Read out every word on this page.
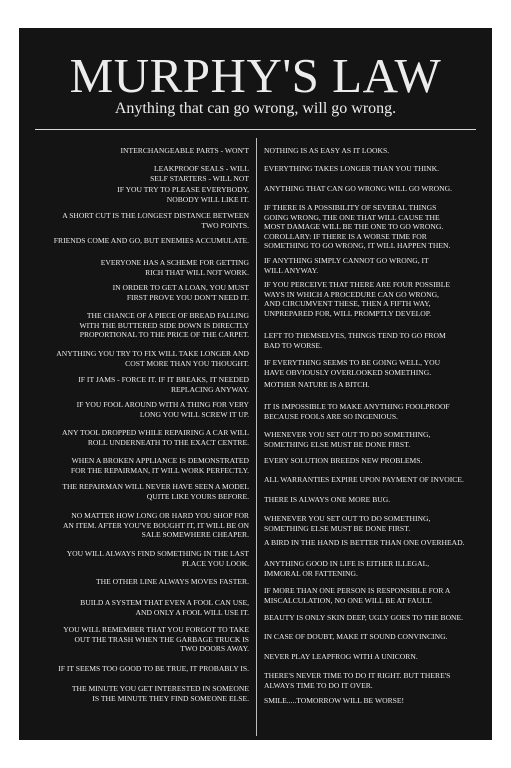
MURPHY'S LAW
Anything that can go wrong, will go wrong.
INTERCHANGEABLE PARTS - WON'T
LEAKPROOF SEALS - WILL
SELF STARTERS - WILL NOT
IF YOU TRY TO PLEASE EVERYBODY,
NOBODY WILL LIKE IT.
A SHORT CUT IS THE LONGEST DISTANCE BETWEEN
TWO POINTS.
FRIENDS COME AND GO, BUT ENEMIES ACCUMULATE.
EVERYONE HAS A SCHEME FOR GETTING
RICH THAT WILL NOT WORK.
IN ORDER TO GET A LOAN, YOU MUST
FIRST PROVE YOU DON'T NEED IT.
THE CHANCE OF A PIECE OF BREAD FALLING
WITH THE BUTTERED SIDE DOWN IS DIRECTLY
PROPORTIONAL TO THE PRICE OF THE CARPET.
ANYTHING YOU TRY TO FIX WILL TAKE LONGER AND
COST MORE THAN YOU THOUGHT.
IF IT JAMS - FORCE IT. IF IT BREAKS, IT NEEDED
REPLACING ANYWAY.
IF YOU FOOL AROUND WITH A THING FOR VERY
LONG YOU WILL SCREW IT UP.
ANY TOOL DROPPED WHILE REPAIRING A CAR WILL
ROLL UNDERNEATH TO THE EXACT CENTRE.
WHEN A BROKEN APPLIANCE IS DEMONSTRATED
FOR THE REPAIRMAN, IT WILL WORK PERFECTLY.
THE REPAIRMAN WILL NEVER HAVE SEEN A MODEL
QUITE LIKE YOURS BEFORE.
NO MATTER HOW LONG OR HARD YOU SHOP FOR
AN ITEM. AFTER YOU'VE BOUGHT IT, IT WILL BE ON
SALE SOMEWHERE CHEAPER.
YOU WILL ALWAYS FIND SOMETHING IN THE LAST
PLACE YOU LOOK.
THE OTHER LINE ALWAYS MOVES FASTER.
BUILD A SYSTEM THAT EVEN A FOOL CAN USE,
AND ONLY A FOOL WILL USE IT.
YOU WILL REMEMBER THAT YOU FORGOT TO TAKE
OUT THE TRASH WHEN THE GARBAGE TRUCK IS
TWO DOORS AWAY.
IF IT SEEMS TOO GOOD TO BE TRUE, IT PROBABLY IS.
THE MINUTE YOU GET INTERESTED IN SOMEONE
IS THE MINUTE THEY FIND SOMEONE ELSE.
NOTHING IS AS EASY AS IT LOOKS.
EVERYTHING TAKES LONGER THAN YOU THINK.
ANYTHING THAT CAN GO WRONG WILL GO WRONG.
IF THERE IS A POSSIBILITY OF SEVERAL THINGS
GOING WRONG, THE ONE THAT WILL CAUSE THE
MOST DAMAGE WILL BE THE ONE TO GO WRONG.
COROLLARY: IF THERE IS A WORSE TIME FOR
SOMETHING TO GO WRONG, IT WILL HAPPEN THEN.
IF ANYTHING SIMPLY CANNOT GO WRONG, IT
WILL ANYWAY.
IF YOU PERCEIVE THAT THERE ARE FOUR POSSIBLE
WAYS IN WHICH A PROCEDURE CAN GO WRONG,
AND CIRCUMVENT THESE, THEN A FIFTH WAY,
UNPREPARED FOR, WILL PROMPTLY DEVELOP.
LEFT TO THEMSELVES, THINGS TEND TO GO FROM
BAD TO WORSE.
IF EVERYTHING SEEMS TO BE GOING WELL, YOU
HAVE OBVIOUSLY OVERLOOKED SOMETHING.
MOTHER NATURE IS A BITCH.
IT IS IMPOSSIBLE TO MAKE ANYTHING FOOLPROOF
BECAUSE FOOLS ARE SO INGENIOUS.
WHENEVER YOU SET OUT TO DO SOMETHING,
SOMETHING ELSE MUST BE DONE FIRST.
EVERY SOLUTION BREEDS NEW PROBLEMS.
ALL WARRANTIES EXPIRE UPON PAYMENT OF INVOICE.
THERE IS ALWAYS ONE MORE BUG.
WHENEVER YOU SET OUT TO DO SOMETHING,
SOMETHING ELSE MUST BE DONE FIRST.
A BIRD IN THE HAND IS BETTER THAN ONE OVERHEAD.
ANYTHING GOOD IN LIFE IS EITHER ILLEGAL,
IMMORAL OR FATTENING.
IF MORE THAN ONE PERSON IS RESPONSIBLE FOR A
MISCALCULATION, NO ONE WILL BE AT FAULT.
BEAUTY IS ONLY SKIN DEEP, UGLY GOES TO THE BONE.
IN CASE OF DOUBT, MAKE IT SOUND CONVINCING.
NEVER PLAY LEAPFROG WITH A UNICORN.
THERE'S NEVER TIME TO DO IT RIGHT. BUT THERE'S
ALWAYS TIME TO DO IT OVER.
SMILE.....TOMORROW WILL BE WORSE!
